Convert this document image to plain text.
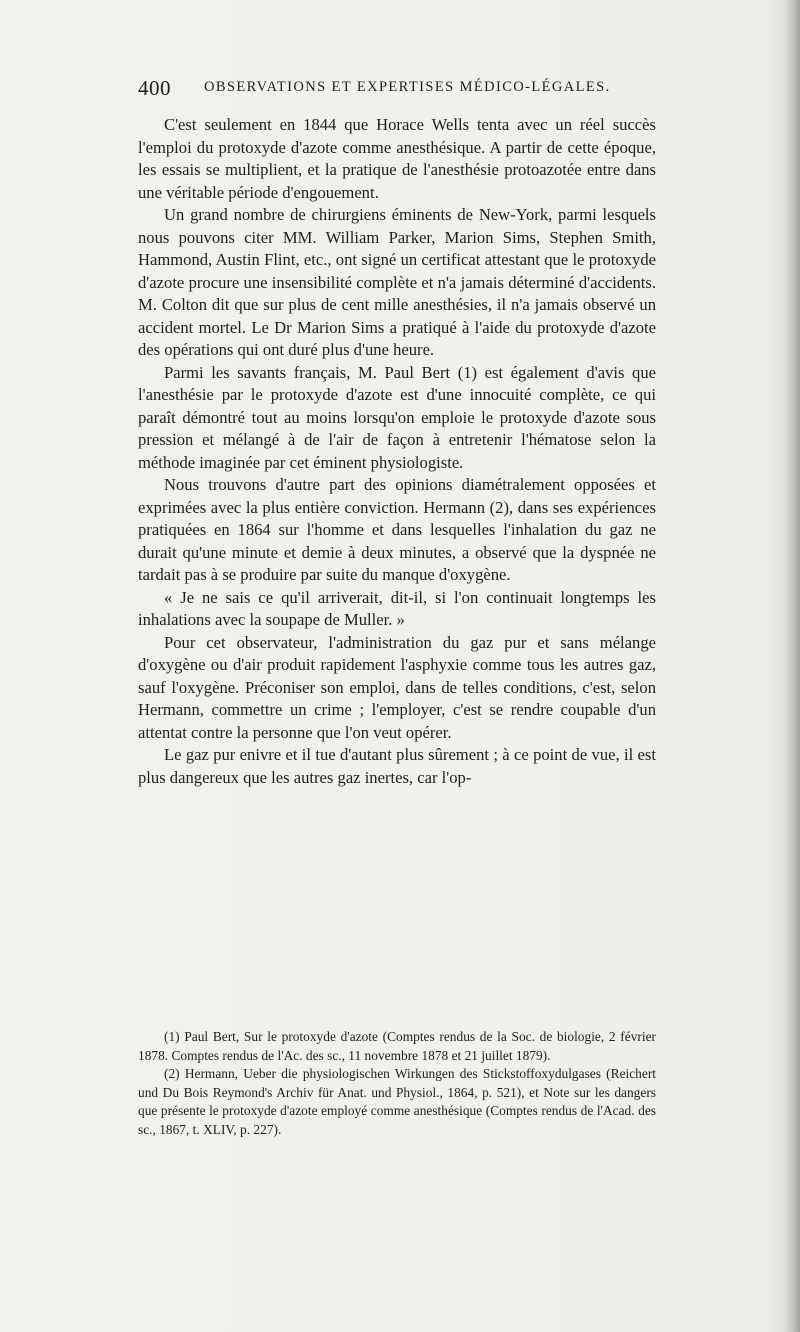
400 OBSERVATIONS ET EXPERTISES MÉDICO-LÉGALES.

C'est seulement en 1844 que Horace Wells tenta avec un réel succès l'emploi du protoxyde d'azote comme anesthésique. A partir de cette époque, les essais se multiplient, et la pratique de l'anesthésie protoazotée entre dans une véritable période d'engouement.

Un grand nombre de chirurgiens éminents de New-York, parmi lesquels nous pouvons citer MM. William Parker, Marion Sims, Stephen Smith, Hammond, Austin Flint, etc., ont signé un certificat attestant que le protoxyde d'azote procure une insensibilité complète et n'a jamais déterminé d'accidents. M. Colton dit que sur plus de cent mille anesthésies, il n'a jamais observé un accident mortel. Le Dr Marion Sims a pratiqué à l'aide du protoxyde d'azote des opérations qui ont duré plus d'une heure.

Parmi les savants français, M. Paul Bert (1) est également d'avis que l'anesthésie par le protoxyde d'azote est d'une innocuité complète, ce qui paraît démontré tout au moins lorsqu'on emploie le protoxyde d'azote sous pression et mélangé à de l'air de façon à entretenir l'hématose selon la méthode imaginée par cet éminent physiologiste.

Nous trouvons d'autre part des opinions diamétralement opposées et exprimées avec la plus entière conviction. Hermann (2), dans ses expériences pratiquées en 1864 sur l'homme et dans lesquelles l'inhalation du gaz ne durait qu'une minute et demie à deux minutes, a observé que la dyspnée ne tardait pas à se produire par suite du manque d'oxygène.

« Je ne sais ce qu'il arriverait, dit-il, si l'on continuait longtemps les inhalations avec la soupape de Muller. »

Pour cet observateur, l'administration du gaz pur et sans mélange d'oxygène ou d'air produit rapidement l'asphyxie comme tous les autres gaz, sauf l'oxygène. Préconiser son emploi, dans de telles conditions, c'est, selon Hermann, commettre un crime ; l'employer, c'est se rendre coupable d'un attentat contre la personne que l'on veut opérer.

Le gaz pur enivre et il tue d'autant plus sûrement ; à ce point de vue, il est plus dangereux que les autres gaz inertes, car l'op-

(1) Paul Bert, Sur le protoxyde d'azote (Comptes rendus de la Soc. de biologie, 2 février 1878. Comptes rendus de l'Ac. des sc., 11 novembre 1878 et 21 juillet 1879).

(2) Hermann, Ueber die physiologischen Wirkungen des Stickstoffoxydulgases (Reichert und Du Bois Reymond's Archiv für Anat. und Physiol., 1864, p. 521), et Note sur les dangers que présente le protoxyde d'azote employé comme anesthésique (Comptes rendus de l'Acad. des sc., 1867, t. XLIV, p. 227).
